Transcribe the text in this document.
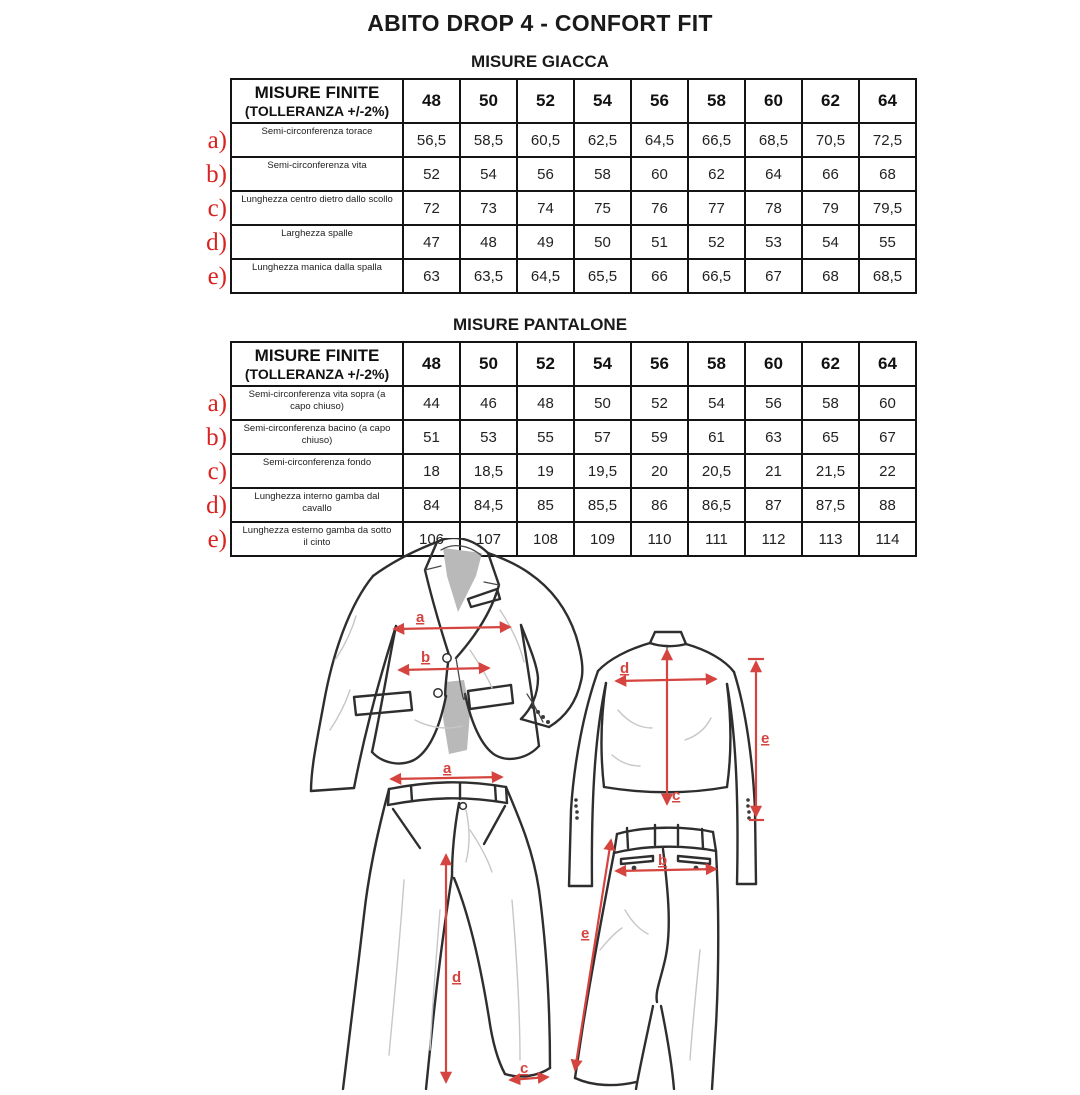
ABITO DROP 4 - CONFORT FIT
MISURE GIACCA

	MISURE FINITE
(TOLLERANZA +/-2%)	48	50	52	54	56	58	60	62	64
a)	Semi-circonferenza torace	56,5	58,5	60,5	62,5	64,5	66,5	68,5	70,5	72,5
b)	Semi-circonferenza vita	52	54	56	58	60	62	64	66	68
c)	Lunghezza centro dietro dallo scollo	72	73	74	75	76	77	78	79	79,5
d)	Larghezza spalle	47	48	49	50	51	52	53	54	55
e)	Lunghezza manica dalla spalla	63	63,5	64,5	65,5	66	66,5	67	68	68,5
MISURE PANTALONE

	MISURE FINITE
(TOLLERANZA +/-2%)	48	50	52	54	56	58	60	62	64
a)	Semi-circonferenza vita sopra (a capo chiuso)	44	46	48	50	52	54	56	58	60
b)	Semi-circonferenza bacino (a capo chiuso)	51	53	55	57	59	61	63	65	67
c)	Semi-circonferenza fondo	18	18,5	19	19,5	20	20,5	21	21,5	22
d)	Lunghezza interno gamba dal cavallo	84	84,5	85	85,5	86	86,5	87	87,5	88
e)	Lunghezza esterno gamba da sotto il cinto	106	107	108	109	110	111	112	113	114
a
b
d
c
e
a
d
c
b
e
